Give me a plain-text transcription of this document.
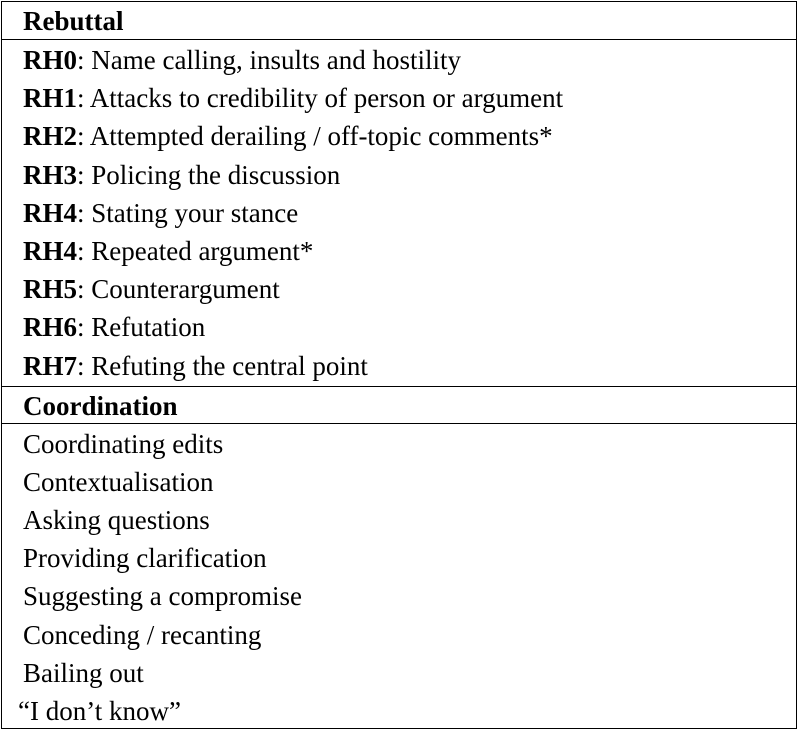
Rebuttal
RH0: Name calling, insults and hostility
RH1: Attacks to credibility of person or argument
RH2: Attempted derailing / off-topic comments*
RH3: Policing the discussion
RH4: Stating your stance
RH4: Repeated argument*
RH5: Counterargument
RH6: Refutation
RH7: Refuting the central point
Coordination
Coordinating edits
Contextualisation
Asking questions
Providing clarification
Suggesting a compromise
Conceding / recanting
Bailing out
“I don’t know”
